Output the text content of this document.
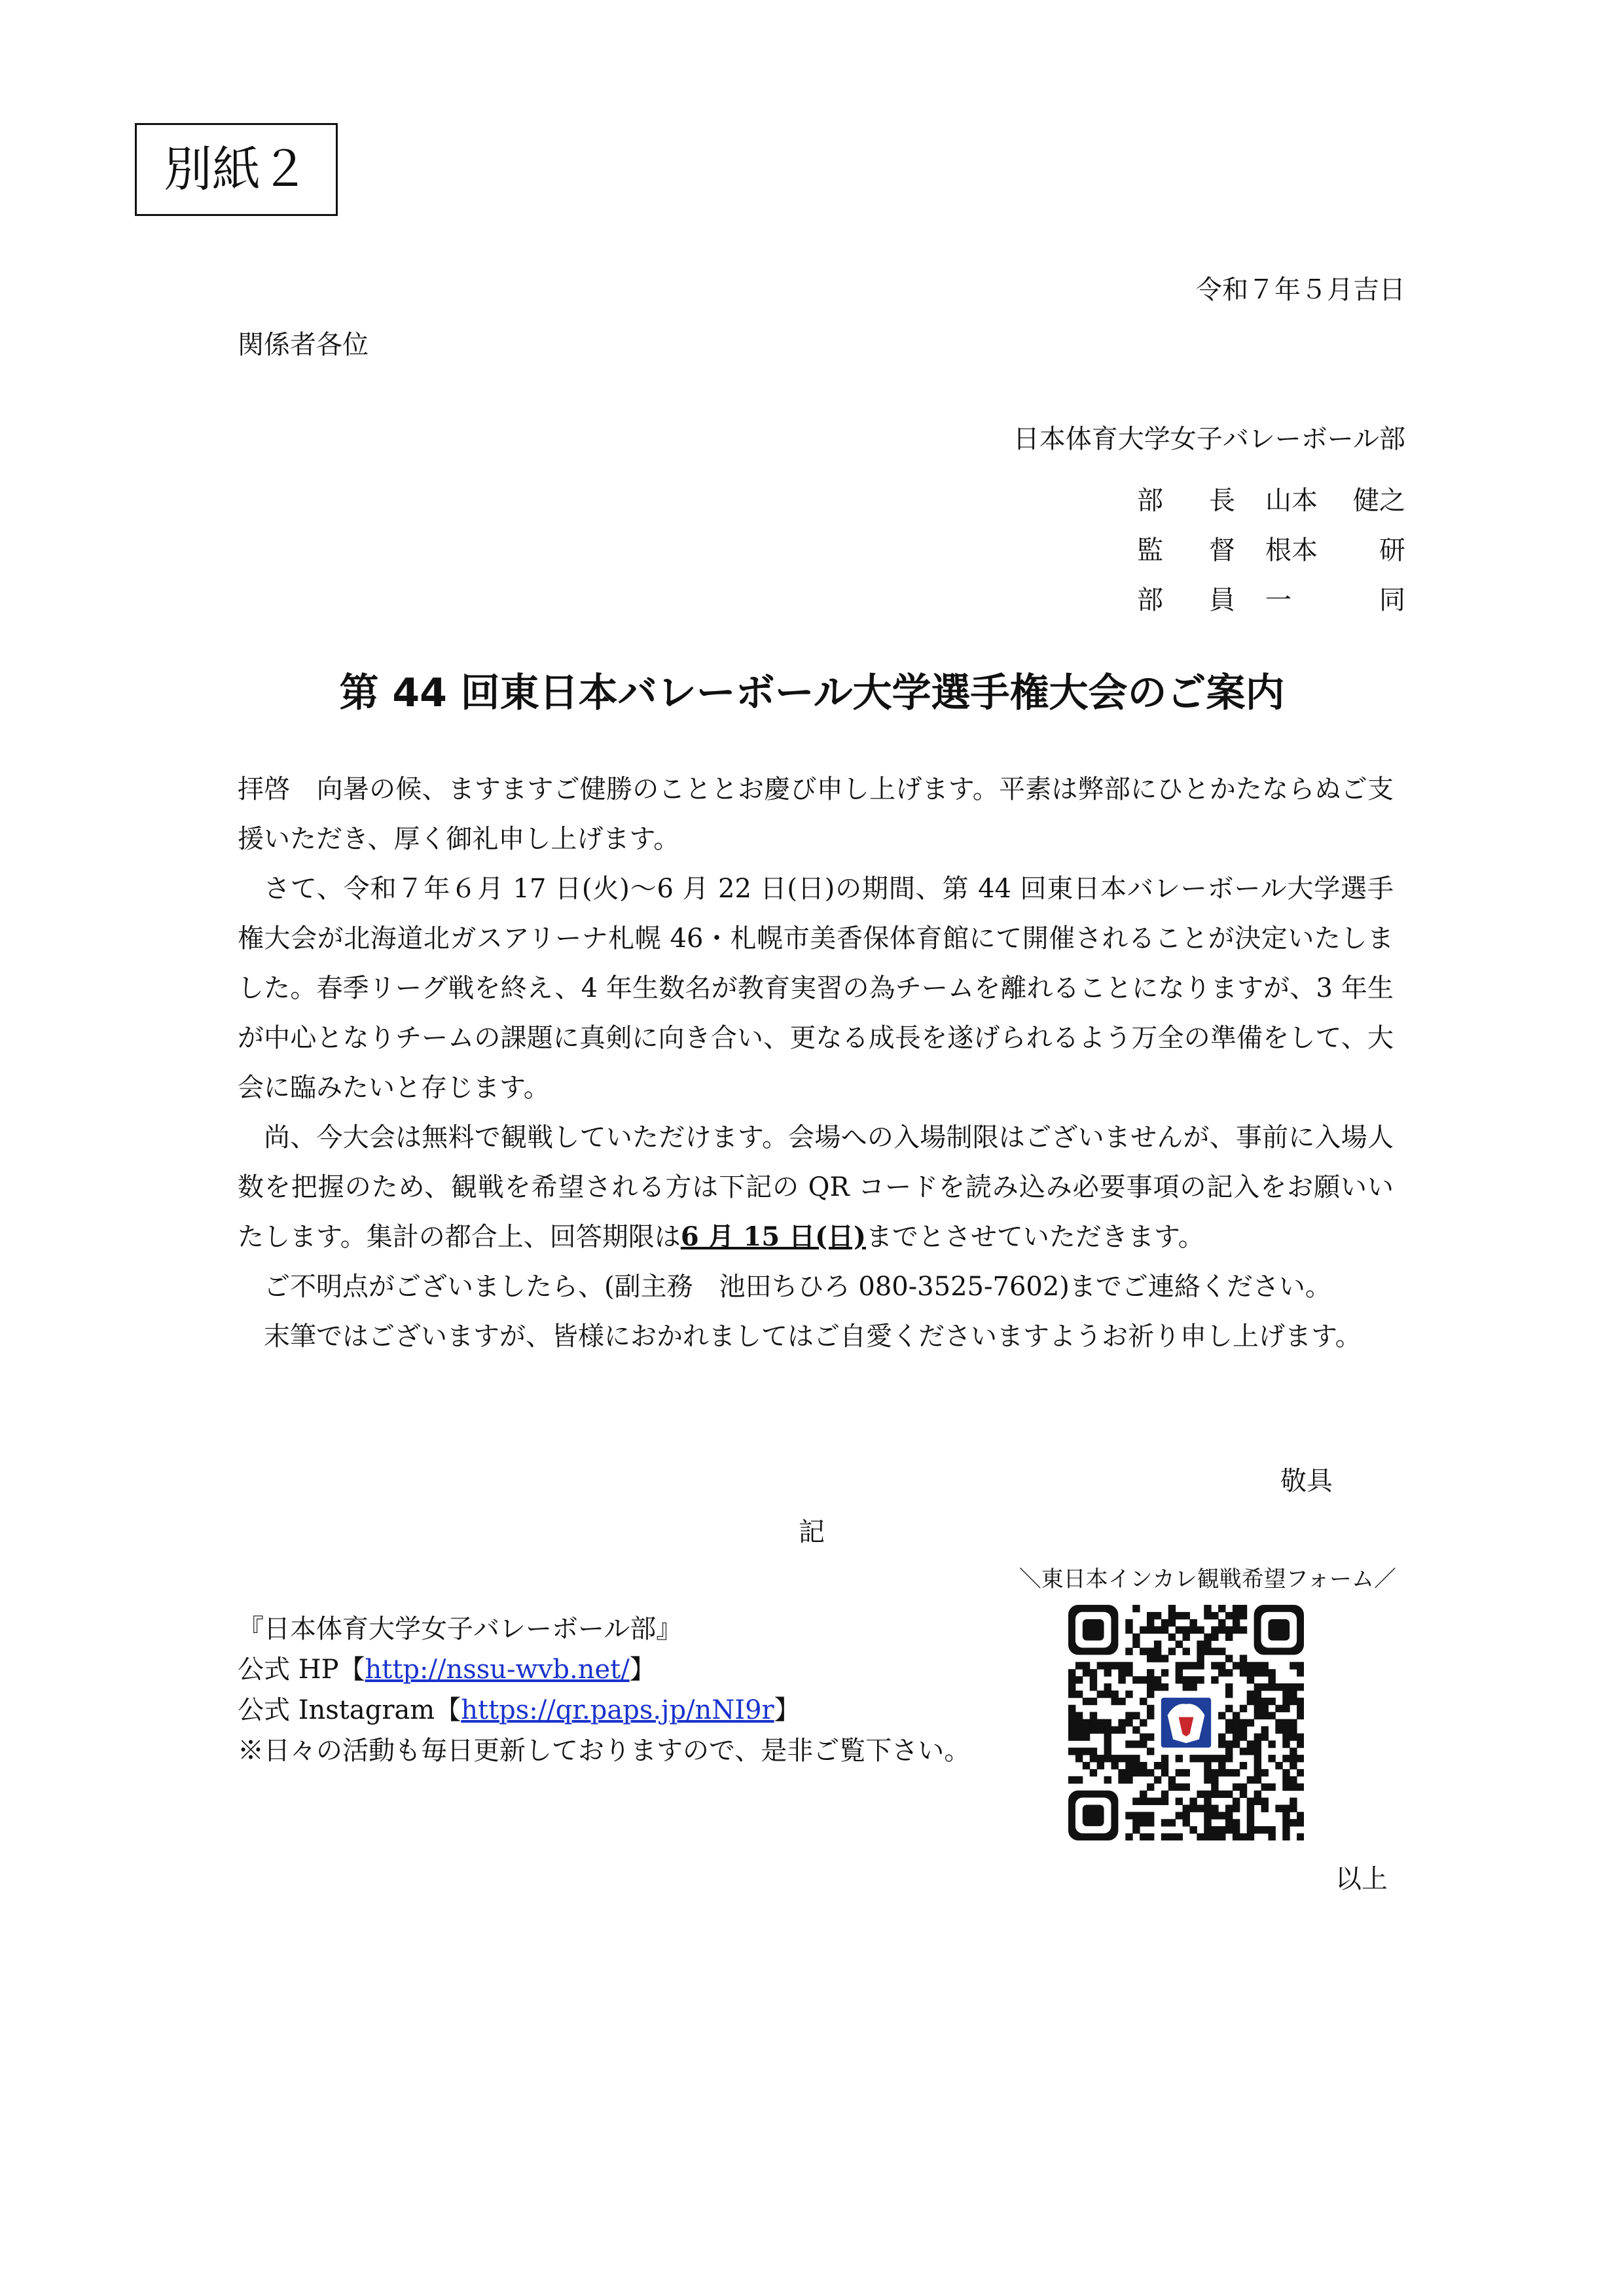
別紙２
令和７年５月吉日
関係者各位
日本体育大学女子バレーボール部
部 長 山本 健之
監 督 根本 研
部 員 一	同
第 44 回東日本バレーボール大学選手権大会のご案内

拝啓　向暑の候、ますますご健勝のこととお慶び申し上げます。平素は弊部にひとかたならぬご支援いただき、厚く御礼申し上げます。

さて、令和７年６月 17 日(火)～6 月 22 日(日)の期間、第 44 回東日本バレーボール大学選手権大会が北海道北ガスアリーナ札幌 46・札幌市美香保体育館にて開催されることが決定いたしました。春季リーグ戦を終え、4 年生数名が教育実習の為チームを離れることになりますが、3 年生が中心となりチームの課題に真剣に向き合い、更なる成長を遂げられるよう万全の準備をして、大会に臨みたいと存じます。

尚、今大会は無料で観戦していただけます。会場への入場制限はございませんが、事前に入場人数を把握のため、観戦を希望される方は下記の QR コードを読み込み必要事項の記入をお願いいたします。集計の都合上、回答期限は6 月 15 日(日)までとさせていただきます。

ご不明点がございましたら、(副主務　池田ちひろ 080-3525-7602)までご連絡ください。

末筆ではございますが、皆様におかれましてはご自愛くださいますようお祈り申し上げます。

敬具
記
＼東日本インカレ観戦希望フォーム／
『日本体育大学女子バレーボール部』
公式 HP【http://nssu-wvb.net/】
公式 Instagram【https://qr.paps.jp/nNI9r】
※日々の活動も毎日更新しておりますので、是非ご覧下さい。
以上
